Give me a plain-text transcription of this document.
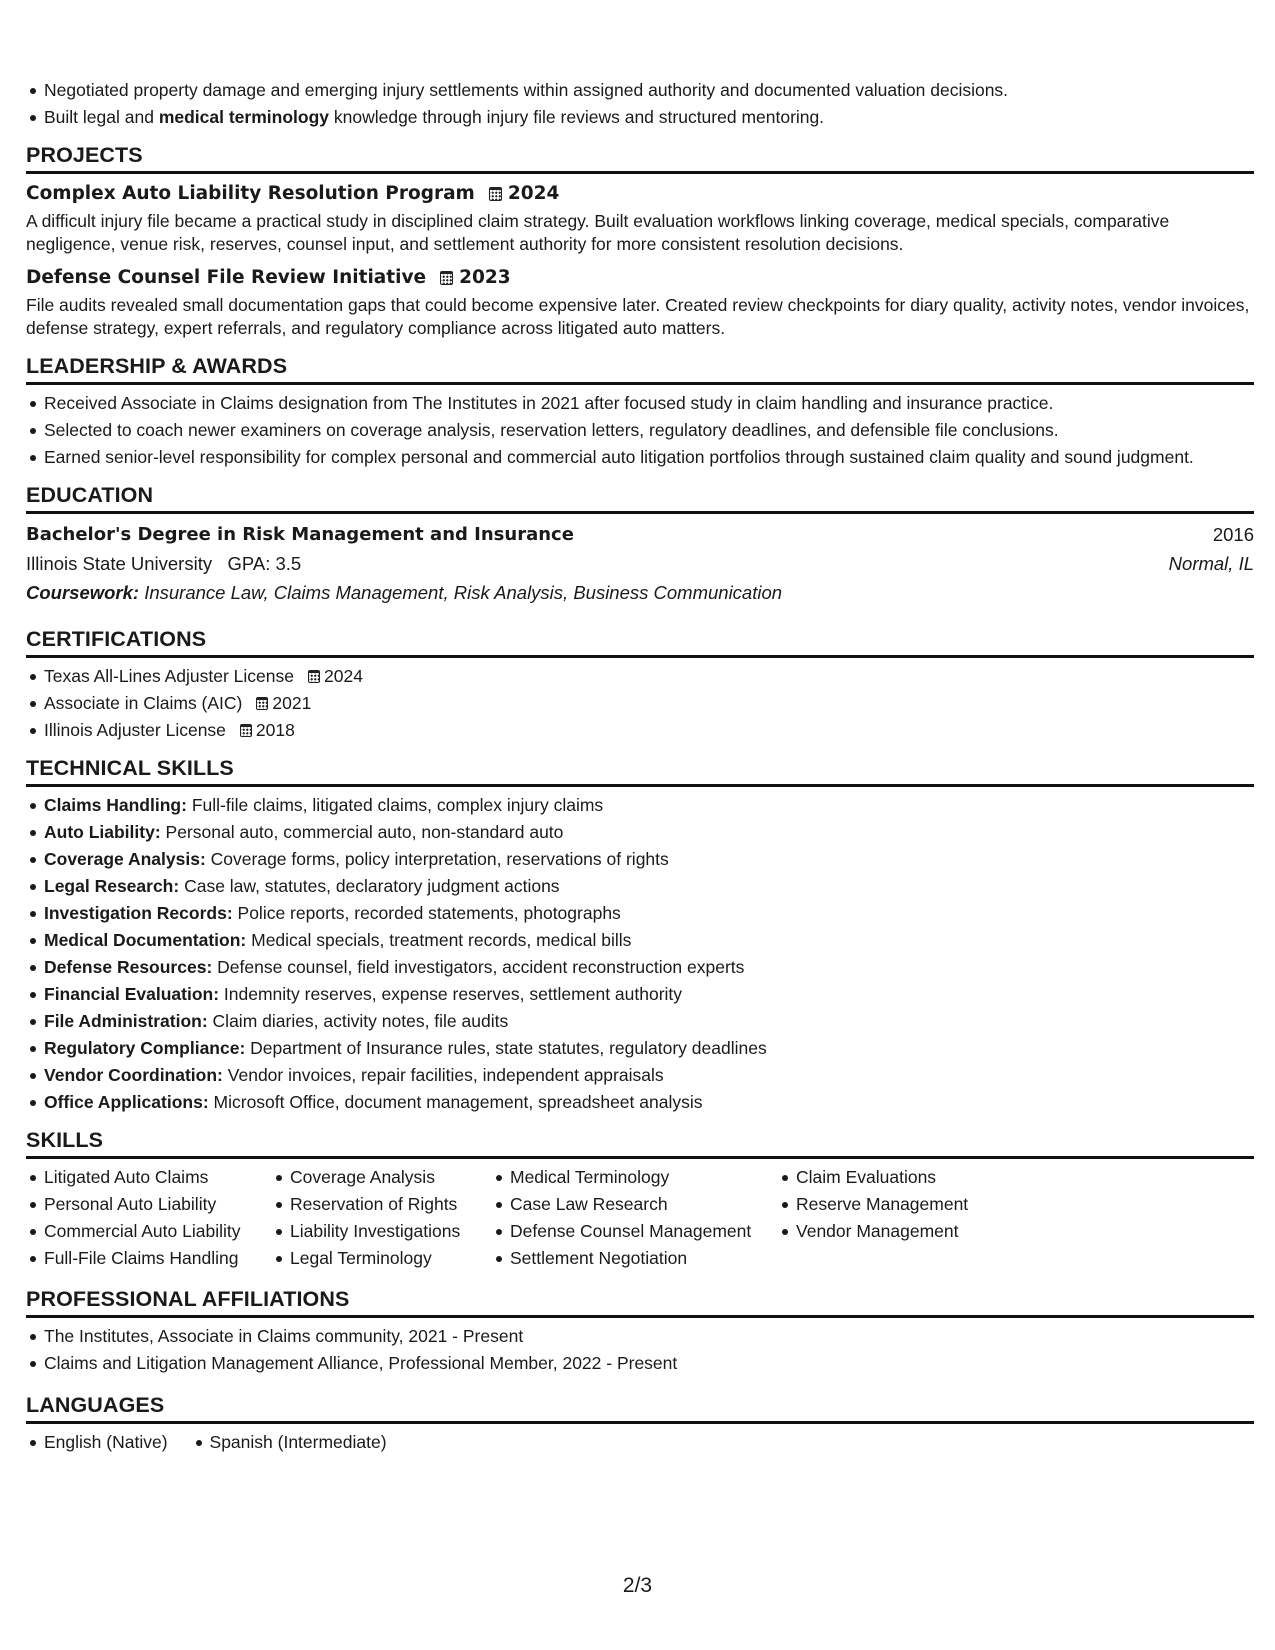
Negotiated property damage and emerging injury settlements within assigned authority and documented valuation decisions.
Built legal and medical terminology knowledge through injury file reviews and structured mentoring.
PROJECTS
Complex Auto Liability Resolution Program 2024
A difficult injury file became a practical study in disciplined claim strategy. Built evaluation workflows linking coverage, medical specials, comparative negligence, venue risk, reserves, counsel input, and settlement authority for more consistent resolution decisions.
Defense Counsel File Review Initiative 2023
File audits revealed small documentation gaps that could become expensive later. Created review checkpoints for diary quality, activity notes, vendor invoices, defense strategy, expert referrals, and regulatory compliance across litigated auto matters.
LEADERSHIP & AWARDS
Received Associate in Claims designation from The Institutes in 2021 after focused study in claim handling and insurance practice.
Selected to coach newer examiners on coverage analysis, reservation letters, regulatory deadlines, and defensible file conclusions.
Earned senior-level responsibility for complex personal and commercial auto litigation portfolios through sustained claim quality and sound judgment.
EDUCATION
Bachelor's Degree in Risk Management and Insurance	2016
Illinois State University GPA: 3.5	Normal, IL
Coursework: Insurance Law, Claims Management, Risk Analysis, Business Communication
CERTIFICATIONS
Texas All-Lines Adjuster License 2024
Associate in Claims (AIC) 2021
Illinois Adjuster License 2018
TECHNICAL SKILLS
Claims Handling: Full-file claims, litigated claims, complex injury claims
Auto Liability: Personal auto, commercial auto, non-standard auto
Coverage Analysis: Coverage forms, policy interpretation, reservations of rights
Legal Research: Case law, statutes, declaratory judgment actions
Investigation Records: Police reports, recorded statements, photographs
Medical Documentation: Medical specials, treatment records, medical bills
Defense Resources: Defense counsel, field investigators, accident reconstruction experts
Financial Evaluation: Indemnity reserves, expense reserves, settlement authority
File Administration: Claim diaries, activity notes, file audits
Regulatory Compliance: Department of Insurance rules, state statutes, regulatory deadlines
Vendor Coordination: Vendor invoices, repair facilities, independent appraisals
Office Applications: Microsoft Office, document management, spreadsheet analysis
SKILLS
Litigated Auto Claims
Personal Auto Liability
Commercial Auto Liability
Full-File Claims Handling
Coverage Analysis
Reservation of Rights
Liability Investigations
Legal Terminology
Medical Terminology
Case Law Research
Defense Counsel Management
Settlement Negotiation
Claim Evaluations
Reserve Management
Vendor Management
PROFESSIONAL AFFILIATIONS
The Institutes, Associate in Claims community, 2021 - Present
Claims and Litigation Management Alliance, Professional Member, 2022 - Present
LANGUAGES
English (Native)	Spanish (Intermediate)
2/3
